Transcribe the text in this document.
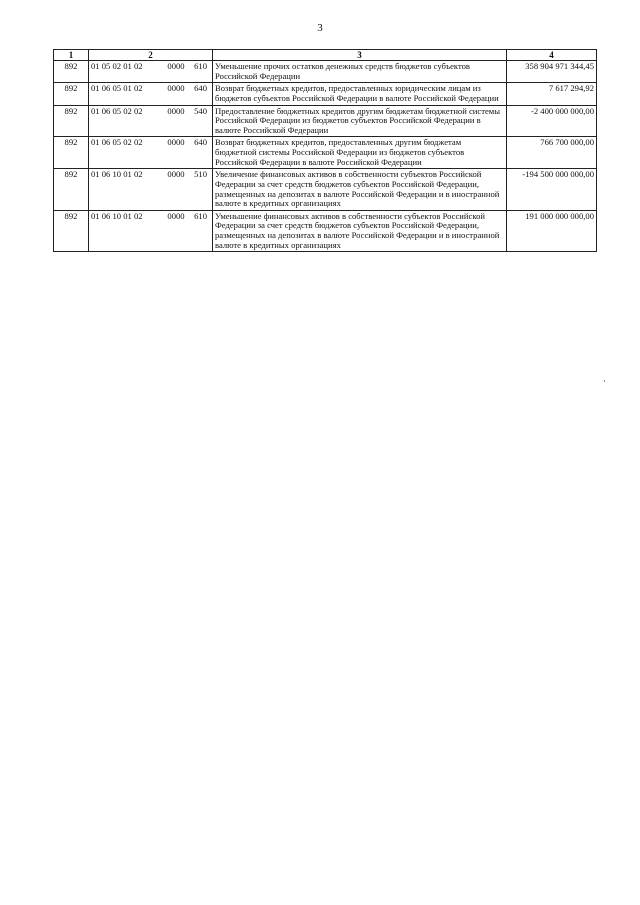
3
1	2	3	4
892	01 05 02 01 02 0000 610	Уменьшение прочих остатков денежных средств бюджетов субъектов Российской Федерации	358 904 971 344,45
892	01 06 05 01 02 0000 640	Возврат бюджетных кредитов, предоставленных юридическим лицам из бюджетов субъектов Российской Федерации в валюте Российской Федерации	7 617 294,92
892	01 06 05 02 02 0000 540	Предоставление бюджетных кредитов другим бюджетам бюджетной системы Российской Федерации из бюджетов субъектов Российской Федерации в валюте Российской Федерации	-2 400 000 000,00
892	01 06 05 02 02 0000 640	Возврат бюджетных кредитов, предоставленных другим бюджетам бюджетной системы Российской Федерации из бюджетов субъектов Российской Федерации в валюте Российской Федерации	766 700 000,00
892	01 06 10 01 02 0000 510	Увеличение финансовых активов в собственности субъектов Российской Федерации за счет средств бюджетов субъектов Российской Федерации, размещенных на депозитах в валюте Российской Федерации и в иностранной валюте в кредитных организациях	-194 500 000 000,00
892	01 06 10 01 02 0000 610	Уменьшение финансовых активов в собственности субъектов Российской Федерации за счет средств бюджетов субъектов Российской Федерации, размещенных на депозитах в валюте Российской Федерации и в иностранной валюте в кредитных организациях	191 000 000 000,00
